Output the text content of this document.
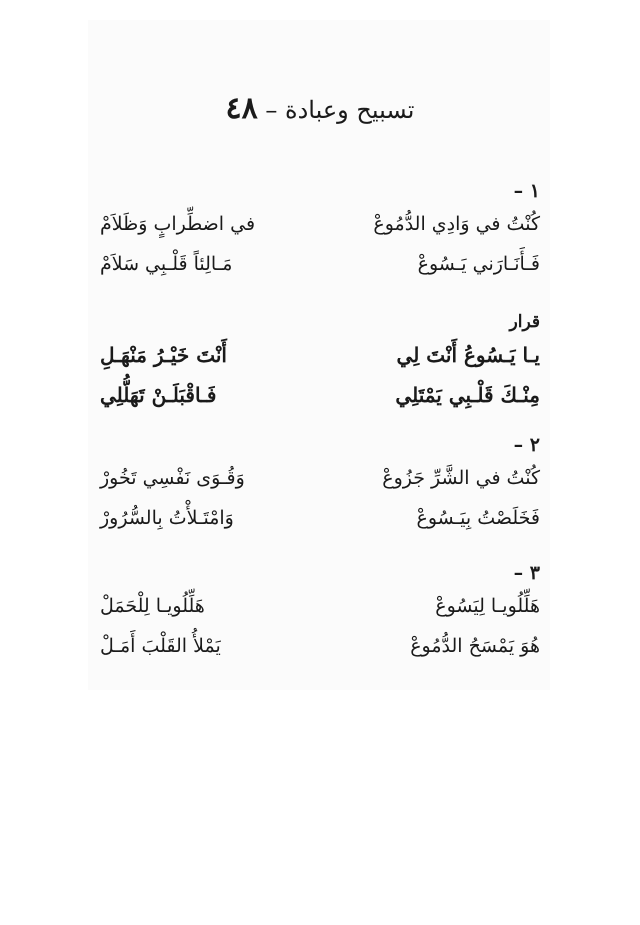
تسبيح وعبادة – ٤٨
١ –
كُنْتُ في وَادِي الدُّمُوعْ
في اضطِّرابٍ وَظَلاَمْ
فَـأَنَـارَني يَـسُوعْ
مَـالِئاً قَلْـبِي سَلاَمْ
قرار
يـا يَـسُوعُ أَنْتَ لِي
أَنْتَ خَيْـرُ مَنْهَـلِ
مِنْـكَ قَلْـبِي يَمْتَلِي
فَـاقْبَلَـنْ تَهَلُّلِي
٢ –
كُنْتُ في الشَّرِّ جَزُوعْ
وَقُـوَى نَفْسِي تَخُورْ
فَخَلَصْتُ بِيَـسُوعْ
وَامْتَـلأْتُ بِالسُّرُورْ
٣ –
هَلِّلُويـا لِيَسُوعْ
هَلِّلُويـا لِلْحَمَلْ
هُوَ يَمْسَحُ الدُّمُوعْ
يَمْلأُ القَلْبَ أَمَـلْ
